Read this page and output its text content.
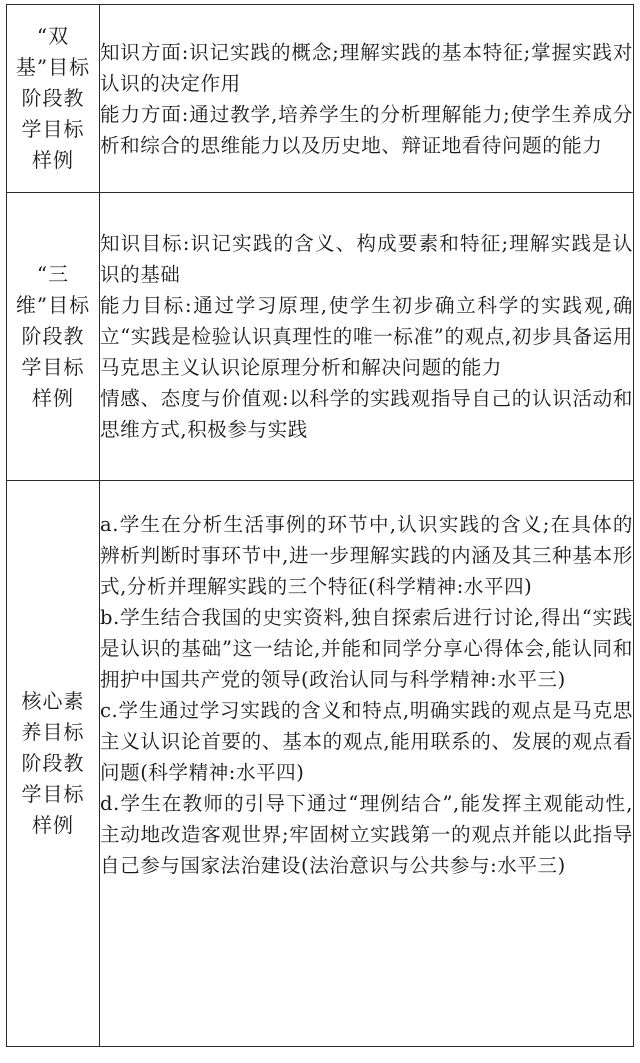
“双基”目标阶段教学目标样例	知识方面:识记实践的概念;理解实践的基本特征;掌握实践对认识的决定作用

能力方面:通过教学,培养学生的分析理解能力;使学生养成分析和综合的思维能力以及历史地、辩证地看待问题的能力

“三维”目标阶段教学目标样例	知识目标:识记实践的含义、构成要素和特征;理解实践是认识的基础

能力目标:通过学习原理,使学生初步确立科学的实践观,确立“实践是检验认识真理性的唯一标准”的观点,初步具备运用马克思主义认识论原理分析和解决问题的能力

情感、态度与价值观:以科学的实践观指导自己的认识活动和思维方式,积极参与实践

核心素养目标阶段教学目标样例	a.学生在分析生活事例的环节中,认识实践的含义;在具体的辨析判断时事环节中,进一步理解实践的内涵及其三种基本形式,分析并理解实践的三个特征(科学精神:水平四)

b.学生结合我国的史实资料,独自探索后进行讨论,得出“实践是认识的基础”这一结论,并能和同学分享心得体会,能认同和拥护中国共产党的领导(政治认同与科学精神:水平三)

c.学生通过学习实践的含义和特点,明确实践的观点是马克思主义认识论首要的、基本的观点,能用联系的、发展的观点看问题(科学精神:水平四)

d.学生在教师的引导下通过“理例结合”,能发挥主观能动性,主动地改造客观世界;牢固树立实践第一的观点并能以此指导自己参与国家法治建设(法治意识与公共参与:水平三)
